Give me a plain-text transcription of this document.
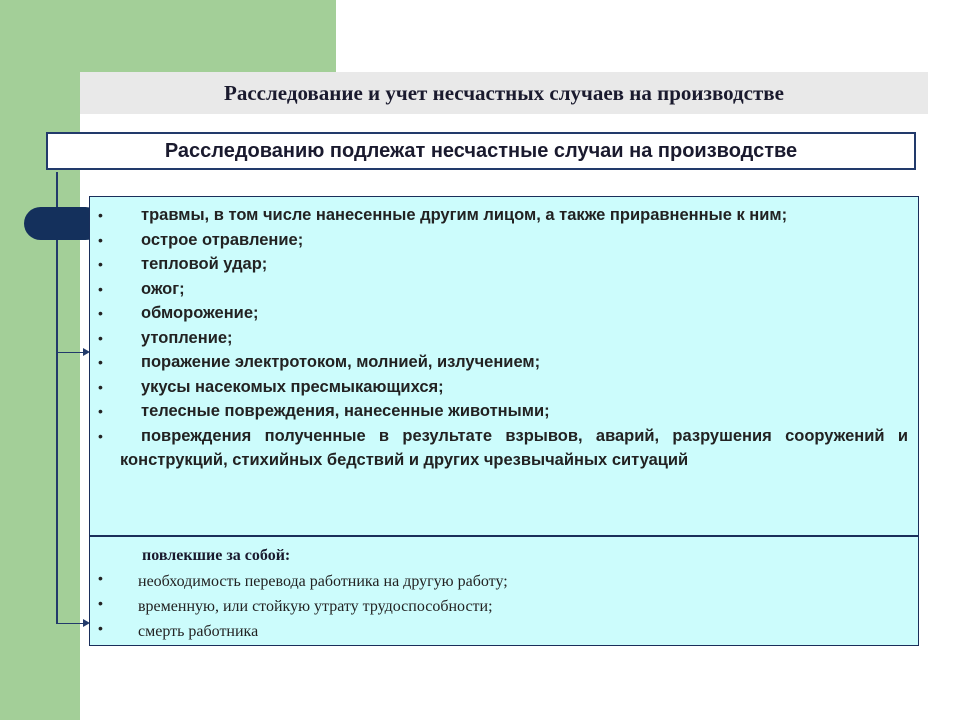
Расследование и учет несчастных случаев на производстве
Расследованию подлежат несчастные случаи на производстве
•	травмы, в том числе нанесенные другим лицом, а также приравненные к ним;
•	острое отравление;
•	тепловой удар;
•	ожог;
•	обморожение;
•	утопление;
•	поражение электротоком, молнией, излучением;
•	укусы насекомых пресмыкающихся;
•	телесные повреждения, нанесенные животными;
•	повреждения полученные в результате взрывов, аварий, разрушения сооружений и конструкций, стихийных бедствий и других чрезвычайных ситуаций
повлекшие за собой:
• необходимость перевода работника на другую работу;
• временную, или стойкую утрату трудоспособности;
• смерть работника
